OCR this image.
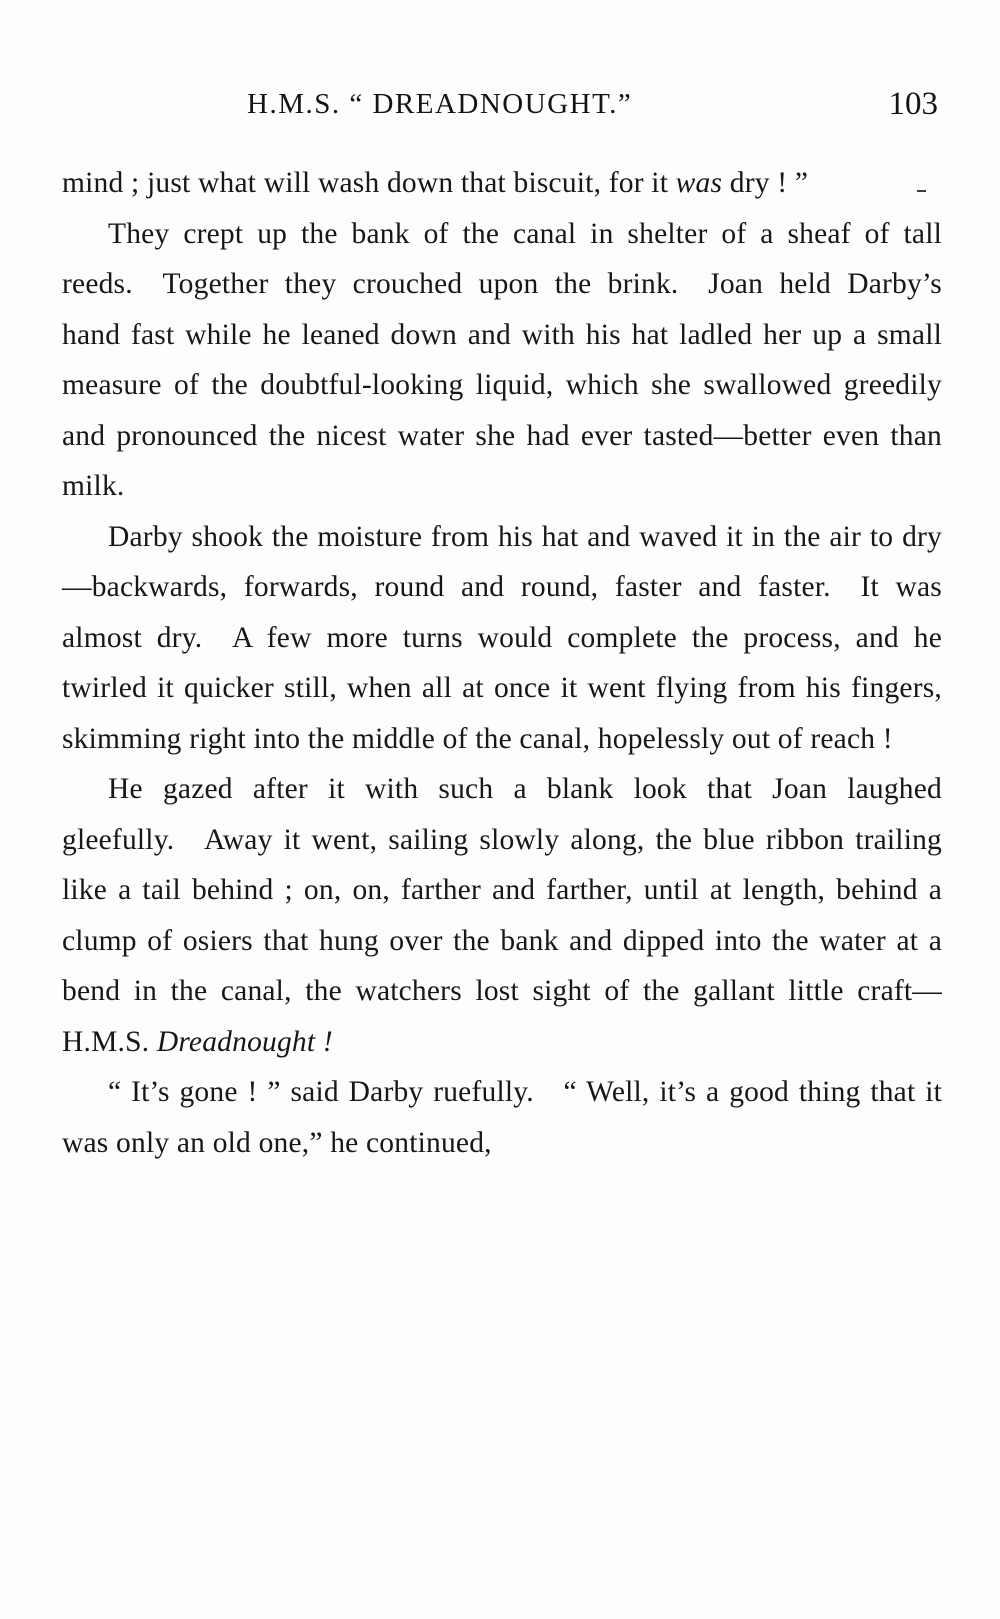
H.M.S. “ DREADNOUGHT.”	103

mind ; just what will wash down that biscuit, for it was dry ! ”

They crept up the bank of the canal in shelter of a sheaf of tall reeds. Together they crouched upon the brink. Joan held Darby’s hand fast while he leaned down and with his hat ladled her up a small measure of the doubtful-looking liquid, which she swallowed greedily and pronounced the nicest water she had ever tasted—better even than milk.

Darby shook the moisture from his hat and waved it in the air to dry—backwards, forwards, round and round, faster and faster. It was almost dry. A few more turns would complete the process, and he twirled it quicker still, when all at once it went flying from his fingers, skimming right into the middle of the canal, hopelessly out of reach !

He gazed after it with such a blank look that Joan laughed gleefully. Away it went, sailing slowly along, the blue ribbon trailing like a tail behind ; on, on, farther and farther, until at length, behind a clump of osiers that hung over the bank and dipped into the water at a bend in the canal, the watchers lost sight of the gallant little craft—H.M.S. Dreadnought !

“ It’s gone ! ” said Darby ruefully. “ Well, it’s a good thing that it was only an old one,” he continued,
